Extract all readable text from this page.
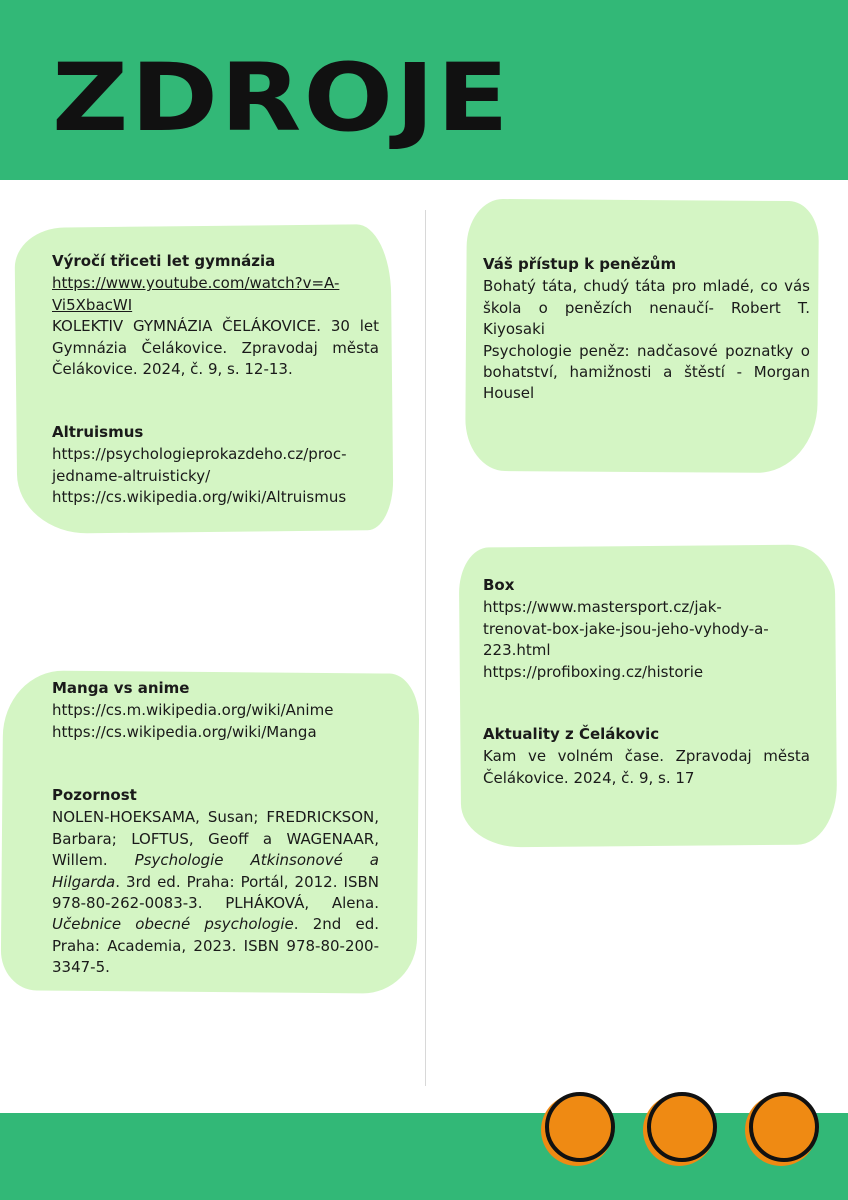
ZDROJE
Výročí třiceti let gymnázia
https://www.youtube.com/watch?v=A-
Vi5XbacWI

KOLEKTIV GYMNÁZIA ČELÁKOVICE. 30 let Gymnázia Čelákovice. Zpravodaj města Čelákovice. 2024, č. 9, s. 12-13.

Altruismus

https://psychologieprokazdeho.cz/proc-

jedname-altruisticky/

https://cs.wikipedia.org/wiki/Altruismus

Manga vs anime

https://cs.m.wikipedia.org/wiki/Anime

https://cs.wikipedia.org/wiki/Manga

Pozornost

NOLEN-HOEKSAMA, Susan; FREDRICKSON, Barbara; LOFTUS, Geoff a WAGENAAR, Willem. Psychologie Atkinsonové a Hilgarda. 3rd ed. Praha: Portál, 2012. ISBN 978-80-262-0083-3. PLHÁKOVÁ, Alena. Učebnice obecné psychologie. 2nd ed. Praha: Academia, 2023. ISBN 978-80-200-3347-5.

Váš přístup k penězům

Bohatý táta, chudý táta pro mladé, co vás škola o penězích nenaučí- Robert T. Kiyosaki

Psychologie peněz: nadčasové poznatky o bohatství, hamižnosti a štěstí - Morgan Housel

Box

https://www.mastersport.cz/jak-

trenovat-box-jake-jsou-jeho-vyhody-a-

223.html

https://profiboxing.cz/historie

Aktuality z Čelákovic

Kam ve volném čase. Zpravodaj města Čelákovice. 2024, č. 9, s. 17
